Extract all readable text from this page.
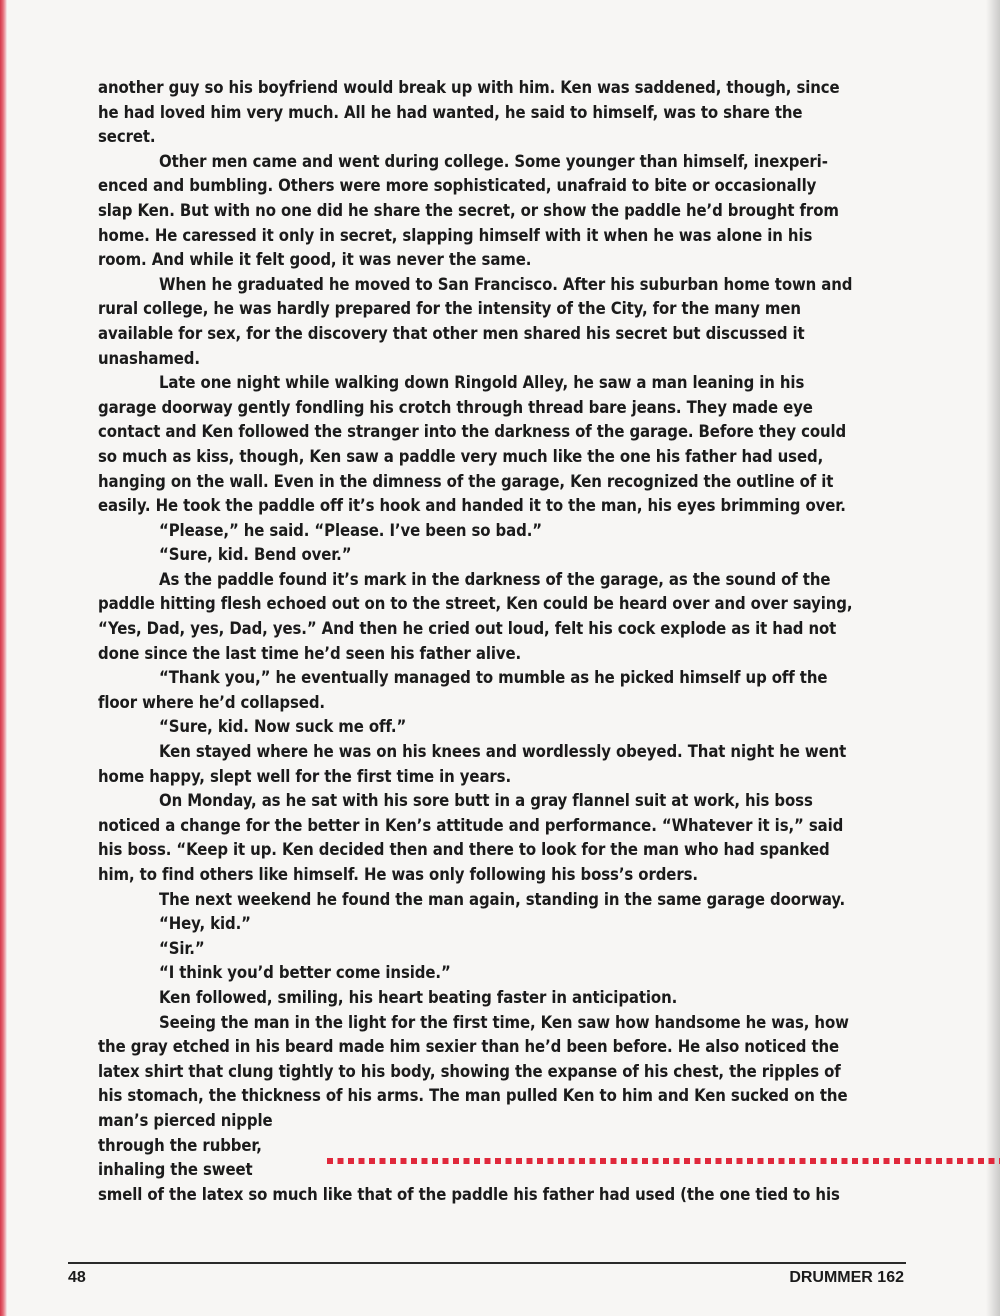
another guy so his boyfriend would break up with him. Ken was saddened, though, since
he had loved him very much. All he had wanted, he said to himself, was to share the
secret.
Other men came and went during college. Some younger than himself, inexperi-
enced and bumbling. Others were more sophisticated, unafraid to bite or occasionally
slap Ken. But with no one did he share the secret, or show the paddle he’d brought from
home. He caressed it only in secret, slapping himself with it when he was alone in his
room. And while it felt good, it was never the same.
When he graduated he moved to San Francisco. After his suburban home town and
rural college, he was hardly prepared for the intensity of the City, for the many men
available for sex, for the discovery that other men shared his secret but discussed it
unashamed.
Late one night while walking down Ringold Alley, he saw a man leaning in his
garage doorway gently fondling his crotch through thread bare jeans. They made eye
contact and Ken followed the stranger into the darkness of the garage. Before they could
so much as kiss, though, Ken saw a paddle very much like the one his father had used,
hanging on the wall. Even in the dimness of the garage, Ken recognized the outline of it
easily. He took the paddle off it’s hook and handed it to the man, his eyes brimming over.
“Please,” he said. “Please. I’ve been so bad.”
“Sure, kid. Bend over.”
As the paddle found it’s mark in the darkness of the garage, as the sound of the
paddle hitting flesh echoed out on to the street, Ken could be heard over and over saying,
“Yes, Dad, yes, Dad, yes.” And then he cried out loud, felt his cock explode as it had not
done since the last time he’d seen his father alive.
“Thank you,” he eventually managed to mumble as he picked himself up off the
floor where he’d collapsed.
“Sure, kid. Now suck me off.”
Ken stayed where he was on his knees and wordlessly obeyed. That night he went
home happy, slept well for the first time in years.
On Monday, as he sat with his sore butt in a gray flannel suit at work, his boss
noticed a change for the better in Ken’s attitude and performance. “Whatever it is,” said
his boss. “Keep it up. Ken decided then and there to look for the man who had spanked
him, to find others like himself. He was only following his boss’s orders.
The next weekend he found the man again, standing in the same garage doorway.
“Hey, kid.”
“Sir.”
“I think you’d better come inside.”
Ken followed, smiling, his heart beating faster in anticipation.
Seeing the man in the light for the first time, Ken saw how handsome he was, how
the gray etched in his beard made him sexier than he’d been before. He also noticed the
latex shirt that clung tightly to his body, showing the expanse of his chest, the ripples of
his stomach, the thickness of his arms. The man pulled Ken to him and Ken sucked on the
man’s pierced nipple
through the rubber,
inhaling the sweet
smell of the latex so much like that of the paddle his father had used (the one tied to his
48	DRUMMER 162
